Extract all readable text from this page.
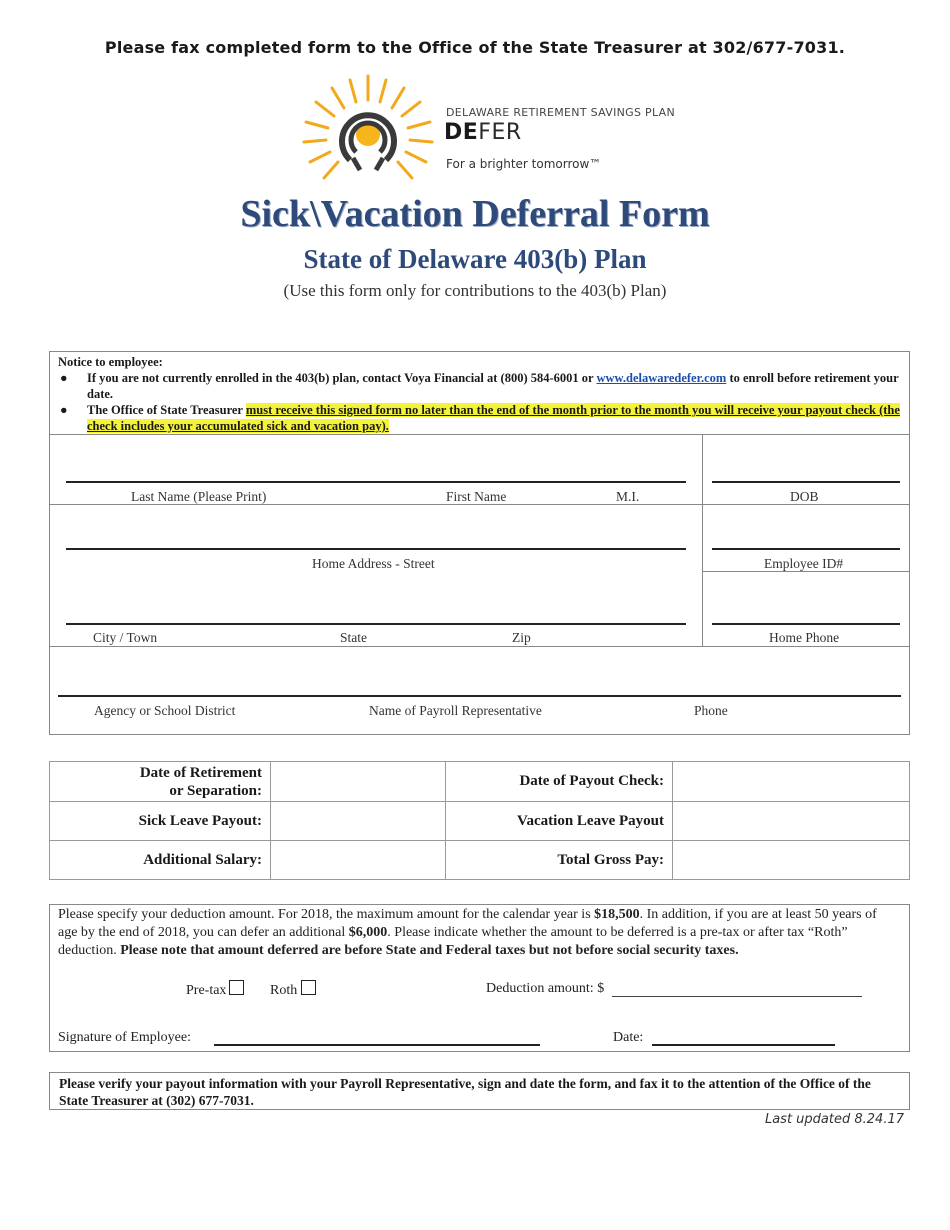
Please fax completed form to the Office of the State Treasurer at 302/677-7031.
DELAWARE RETIREMENT SAVINGS PLAN
DEFER
For a brighter tomorrow™
Sick\Vacation Deferral Form
State of Delaware 403(b) Plan
(Use this form only for contributions to the 403(b) Plan)
Notice to employee:
● If you are not currently enrolled in the 403(b) plan, contact Voya Financial at (800) 584-6001 or www.delawaredefer.com to enroll before retirement your date.
● The Office of State Treasurer must receive this signed form no later than the end of the month prior to the month you will receive your payout check (the check includes your accumulated sick and vacation pay).
Last Name (Please Print)	First Name	M.I.	DOB
Home Address - Street	Employee ID#
City / Town	State	Zip	Home Phone
Agency or School District	Name of Payroll Representative	Phone
Date of Retirement
or Separation:		Date of Payout Check:	
Sick Leave Payout:		Vacation Leave Payout	
Additional Salary:		Total Gross Pay:	
Please specify your deduction amount. For 2018, the maximum amount for the calendar year is $18,500. In addition, if you are at least 50 years of age by the end of 2018, you can defer an additional $6,000. Please indicate whether the amount to be deferred is a pre-tax or after tax “Roth” deduction. Please note that amount deferred are before State and Federal taxes but not before social security taxes.
Pre-tax	Roth	Deduction amount: $
Signature of Employee:	Date:
Please verify your payout information with your Payroll Representative, sign and date the form, and fax it to the attention of the Office of the State Treasurer at (302) 677-7031.
Last updated 8.24.17
